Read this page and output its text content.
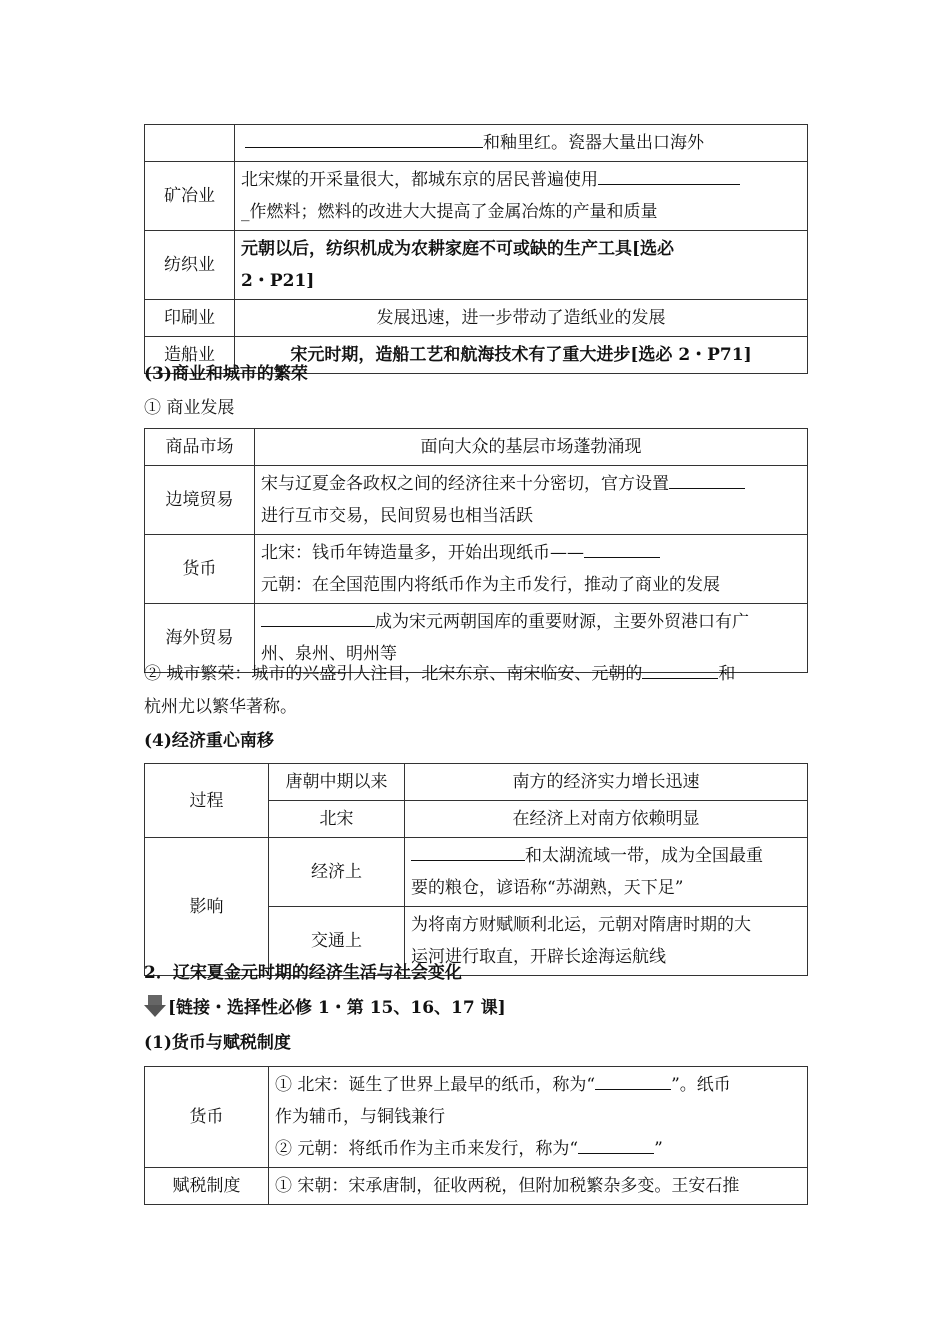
	和釉里红。瓷器大量出口海外
矿冶业	北宋煤的开采量很大，都城东京的居民普遍使用
_作燃料；燃料的改进大大提高了金属冶炼的产量和质量

纺织业	元朝以后，纺织机成为农耕家庭不可或缺的生产工具[选必
2・P21]

印刷业	发展迅速，进一步带动了造纸业的发展
造船业	宋元时期，造船工艺和航海技术有了重大进步[选必 2・P71]
(3)商业和城市的繁荣
① 商业发展
商品市场	面向大众的基层市场蓬勃涌现
边境贸易	宋与辽夏金各政权之间的经济往来十分密切，官方设置
进行互市交易，民间贸易也相当活跃

货币	北宋：钱币年铸造量多，开始出现纸币——
元朝：在全国范围内将纸币作为主币发行，推动了商业的发展

海外贸易	成为宋元两朝国库的重要财源，主要外贸港口有广
州、泉州、明州等
② 城市繁荣：城市的兴盛引人注目，北宋东京、南宋临安、元朝的	和
杭州尤以繁华著称。
(4)经济重心南移
过程	唐朝中期以来	南方的经济实力增长迅速
	北宋	在经济上对南方依赖明显
影响	经济上	和太湖流域一带，成为全国最重
要的粮仓，谚语称“苏湖熟，天下足”

	交通上	为将南方财赋顺利北运，元朝对隋唐时期的大
运河进行取直，开辟长途海运航线
2．辽宋夏金元时期的经济生活与社会变化
[链接・选择性必修 1・第 15、16、17 课]
(1)货币与赋税制度
货币	① 北宋：诞生了世界上最早的纸币，称为“ ”。纸币
作为辅币，与铜钱兼行
② 元朝：将纸币作为主币来发行，称为“ ”

赋税制度	① 宋朝：宋承唐制，征收两税，但附加税繁杂多变。王安石推
